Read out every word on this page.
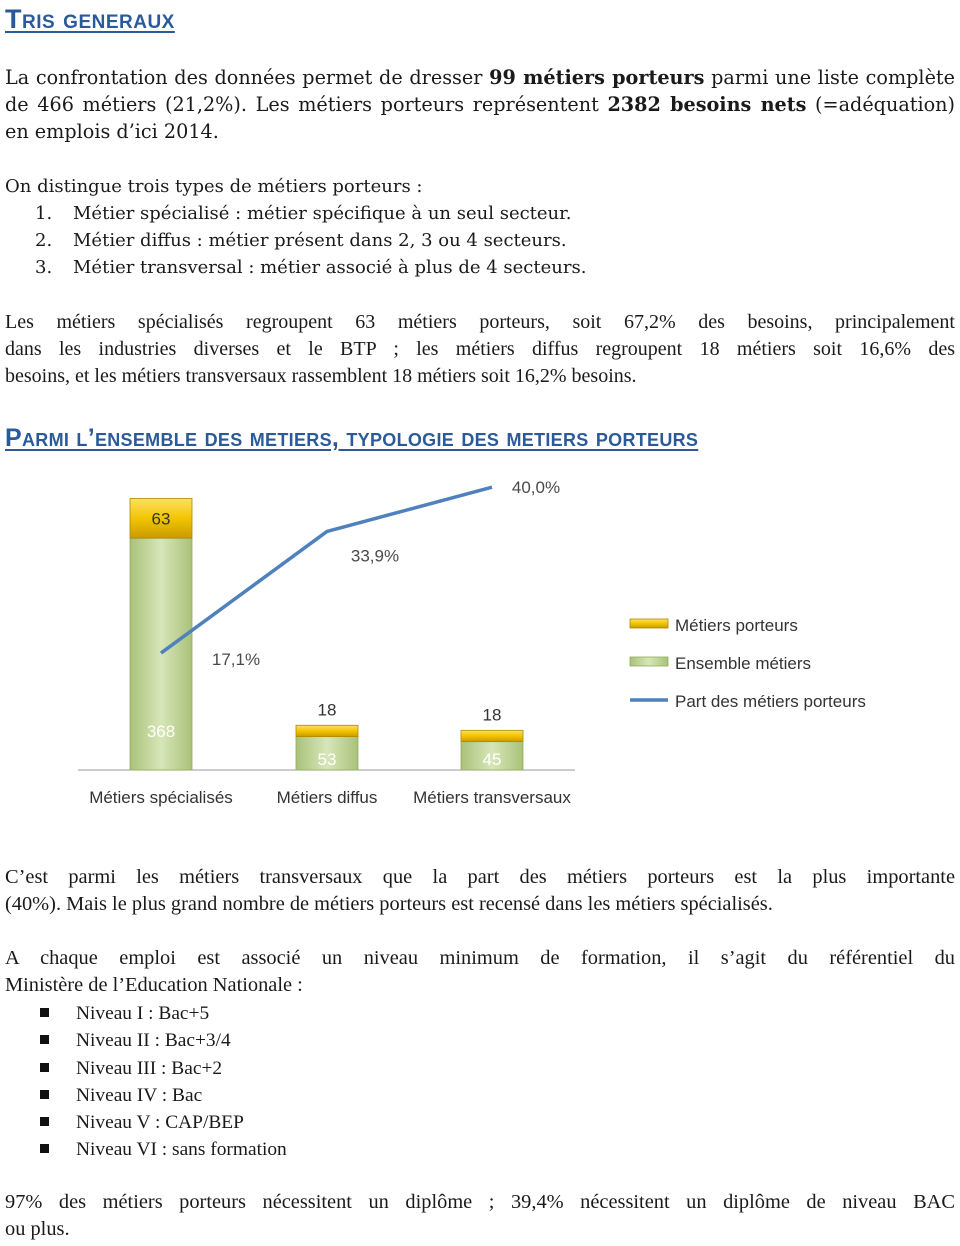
Tris generaux

La confrontation des données permet de dresser 99 métiers porteurs parmi une liste complète
de 466 métiers (21,2%). Les métiers porteurs représentent 2382 besoins nets (=adéquation)
en emplois d’ici 2014.

On distingue trois types de métiers porteurs :

1. Métier spécialisé : métier spécifique à un seul secteur.
2. Métier diffus : métier présent dans 2, 3 ou 4 secteurs.
3. Métier transversal : métier associé à plus de 4 secteurs.

Les métiers spécialisés regroupent 63 métiers porteurs, soit 67,2% des besoins, principalement
dans les industries diverses et le BTP ; les métiers diffus regroupent 18 métiers soit 16,6% des
besoins, et les métiers transversaux rassemblent 18 métiers soit 16,2% besoins.

Parmi l’ensemble des metiers, typologie des metiers porteurs
368
63
Métiers spécialisés
53
18
Métiers diffus
45
18
Métiers transversaux
17,1%
33,9%
40,0%
Métiers porteurs
Ensemble métiers
Part des métiers porteurs

C’est parmi les métiers transversaux que la part des métiers porteurs est la plus importante
(40%). Mais le plus grand nombre de métiers porteurs est recensé dans les métiers spécialisés.

A chaque emploi est associé un niveau minimum de formation, il s’agit du référentiel du
Ministère de l’Education Nationale :

Niveau I : Bac+5
Niveau II : Bac+3/4
Niveau III : Bac+2
Niveau IV : Bac
Niveau V : CAP/BEP
Niveau VI : sans formation

97% des métiers porteurs nécessitent un diplôme ; 39,4% nécessitent un diplôme de niveau BAC
ou plus.
